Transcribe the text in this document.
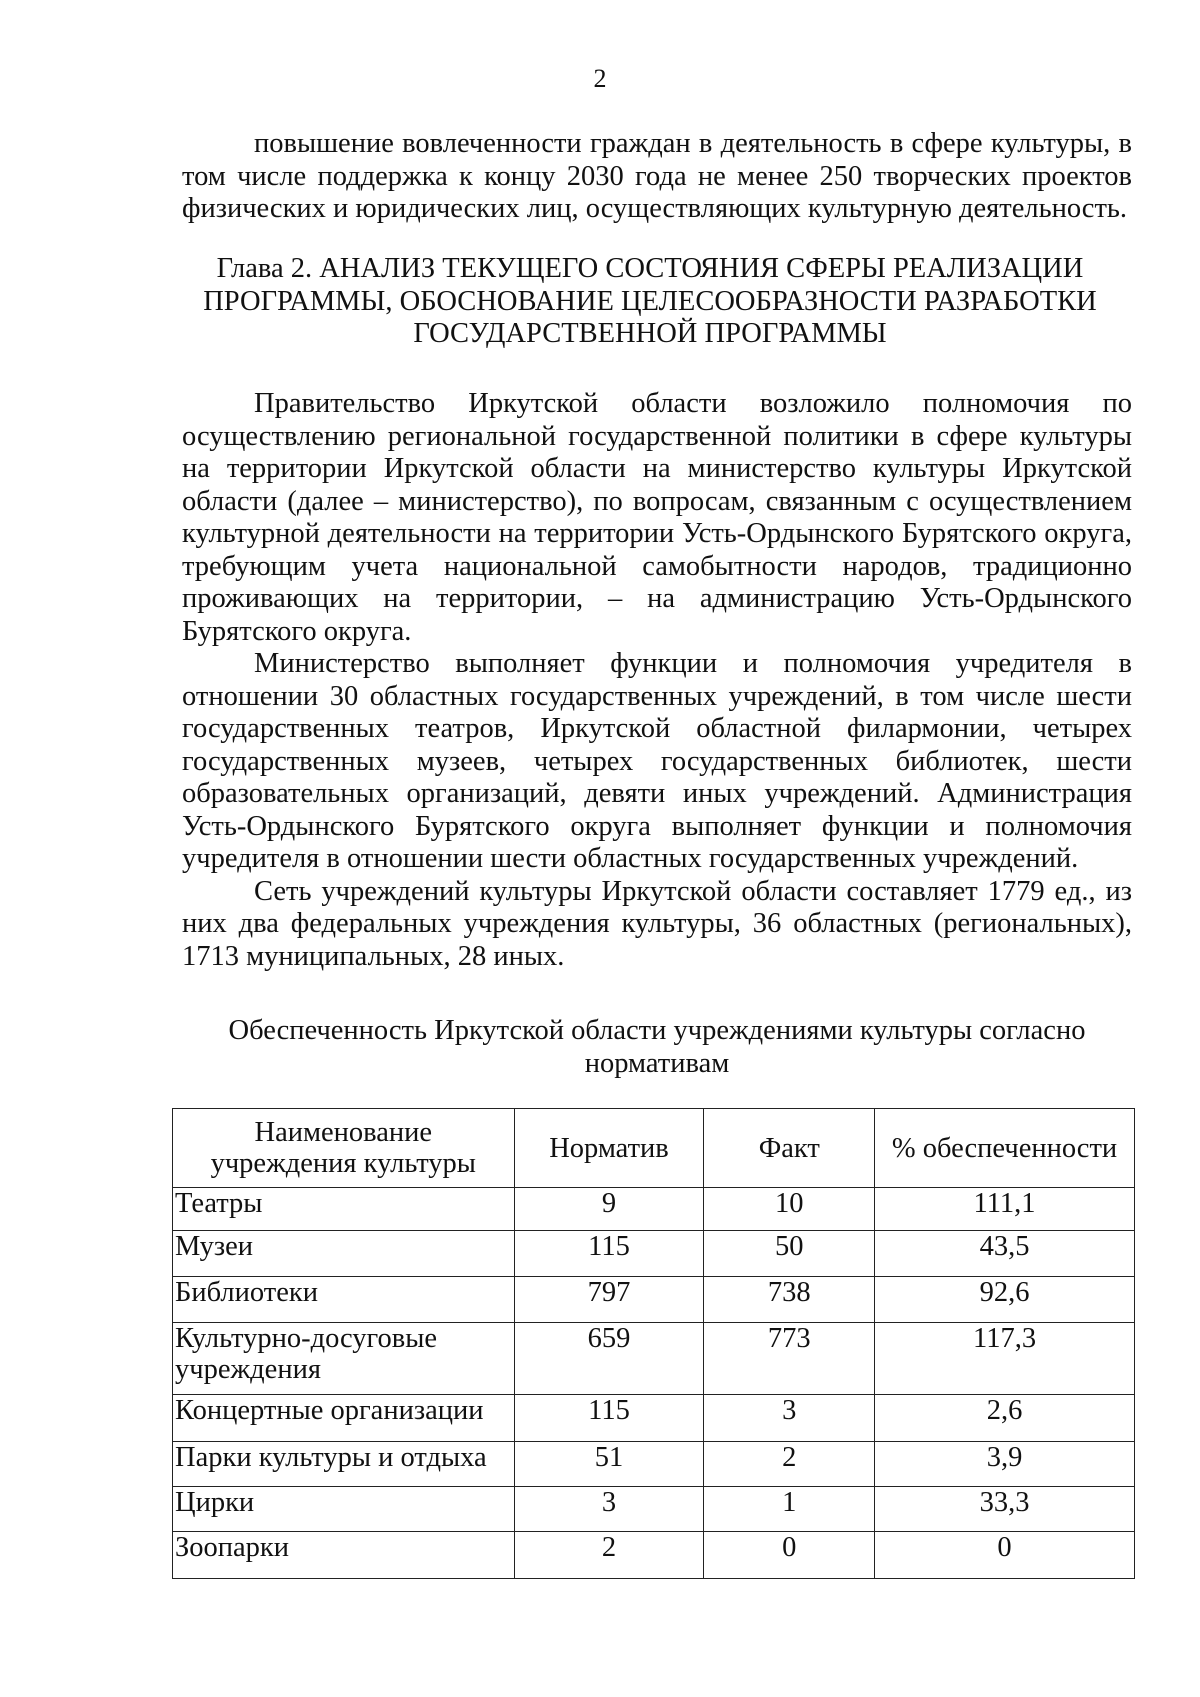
2
повышение вовлеченности граждан в деятельность в сфере культуры, в том числе поддержка к концу 2030 года не менее 250 творческих проектов физических и юридических лиц, осуществляющих культурную деятельность.

Глава 2. АНАЛИЗ ТЕКУЩЕГО СОСТОЯНИЯ СФЕРЫ РЕАЛИЗАЦИИ

ПРОГРАММЫ, ОБОСНОВАНИЕ ЦЕЛЕСООБРАЗНОСТИ РАЗРАБОТКИ

ГОСУДАРСТВЕННОЙ ПРОГРАММЫ

Правительство Иркутской области возложило полномочия по осуществлению региональной государственной политики в сфере культуры на территории Иркутской области на министерство культуры Иркутской области (далее – министерство), по вопросам, связанным с осуществлением культурной деятельности на территории Усть-Ордынского Бурятского округа, требующим учета национальной самобытности народов, традиционно проживающих на территории, – на администрацию Усть-Ордынского Бурятского округа.

Министерство выполняет функции и полномочия учредителя в отношении 30 областных государственных учреждений, в том числе шести государственных театров, Иркутской областной филармонии, четырех государственных музеев, четырех государственных библиотек, шести образовательных организаций, девяти иных учреждений. Администрация Усть-Ордынского Бурятского округа выполняет функции и полномочия учредителя в отношении шести областных государственных учреждений.

Сеть учреждений культуры Иркутской области составляет 1779 ед., из них два федеральных учреждения культуры, 36 областных (региональных), 1713 муниципальных, 28 иных.

Обеспеченность Иркутской области учреждениями культуры согласно

нормативам

Наименование учреждения культуры	Норматив	Факт	% обеспеченности
Театры	9	10	111,1
Музеи	115	50	43,5
Библиотеки	797	738	92,6
Культурно-досуговые учреждения	659	773	117,3
Концертные организации	115	3	2,6
Парки культуры и отдыха	51	2	3,9
Цирки	3	1	33,3
Зоопарки	2	0	0
